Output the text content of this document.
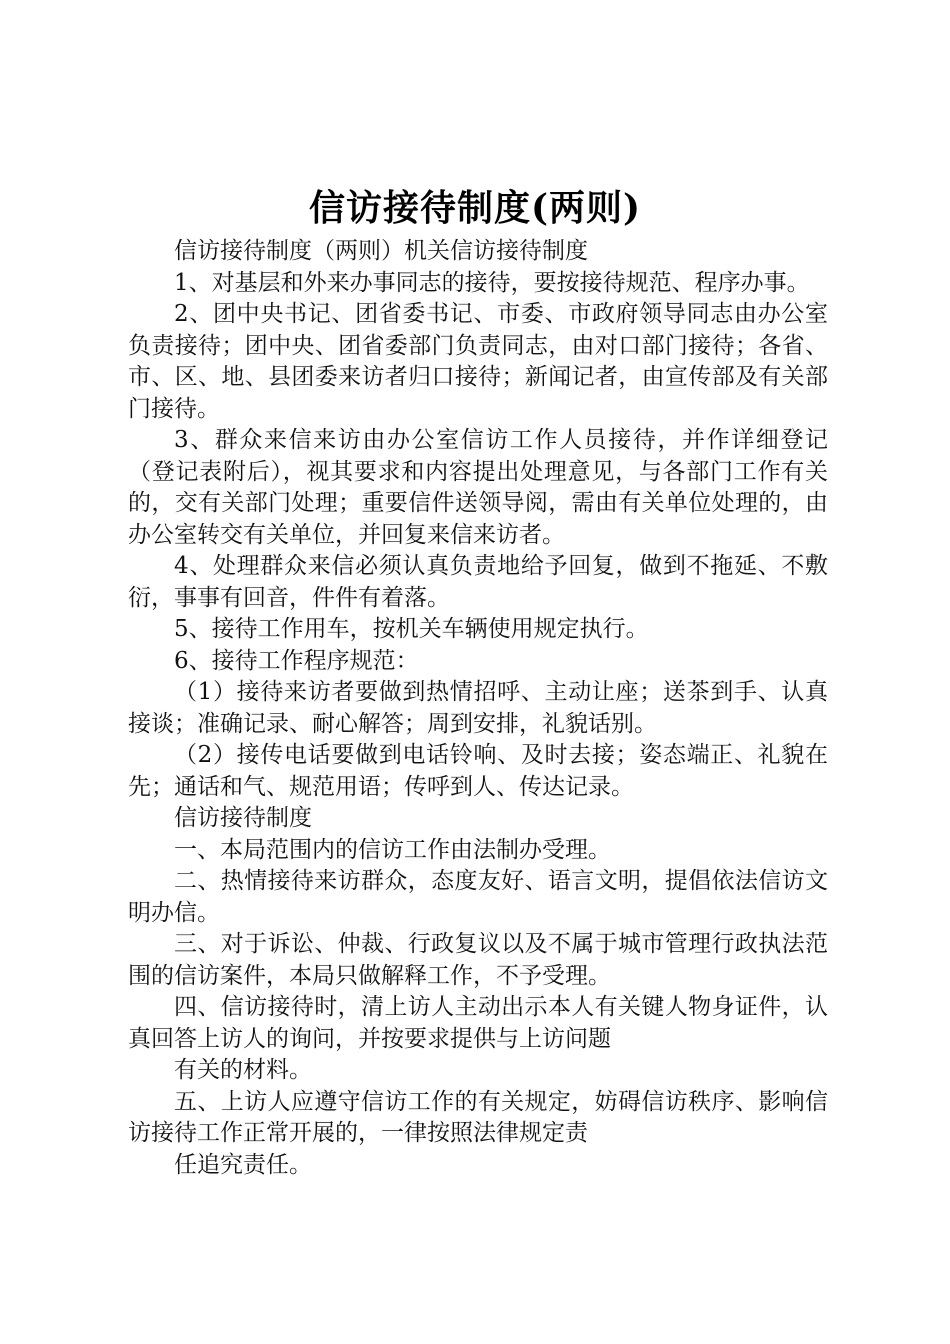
信访接待制度(两则)

信访接待制度（两则）机关信访接待制度

1、对基层和外来办事同志的接待，要按接待规范、程序办事。

2、团中央书记、团省委书记、市委、市政府领导同志由办公室负责接待；团中央、团省委部门负责同志，由对口部门接待；各省、市、区、地、县团委来访者归口接待；新闻记者，由宣传部及有关部门接待。

3、群众来信来访由办公室信访工作人员接待，并作详细登记（登记表附后），视其要求和内容提出处理意见，与各部门工作有关的，交有关部门处理；重要信件送领导阅，需由有关单位处理的，由办公室转交有关单位，并回复来信来访者。

4、处理群众来信必须认真负责地给予回复，做到不拖延、不敷衍，事事有回音，件件有着落。

5、接待工作用车，按机关车辆使用规定执行。

6、接待工作程序规范：

（1）接待来访者要做到热情招呼、主动让座；送茶到手、认真接谈；准确记录、耐心解答；周到安排，礼貌话别。

（2）接传电话要做到电话铃响、及时去接；姿态端正、礼貌在先；通话和气、规范用语；传呼到人、传达记录。

信访接待制度

一、本局范围内的信访工作由法制办受理。

二、热情接待来访群众，态度友好、语言文明，提倡依法信访文明办信。

三、对于诉讼、仲裁、行政复议以及不属于城市管理行政执法范围的信访案件，本局只做解释工作，不予受理。

四、信访接待时，清上访人主动出示本人有关键人物身证件，认真回答上访人的询问，并按要求提供与上访问题

有关的材料。

五、上访人应遵守信访工作的有关规定，妨碍信访秩序、影响信访接待工作正常开展的，一律按照法律规定责

任追究责任。
